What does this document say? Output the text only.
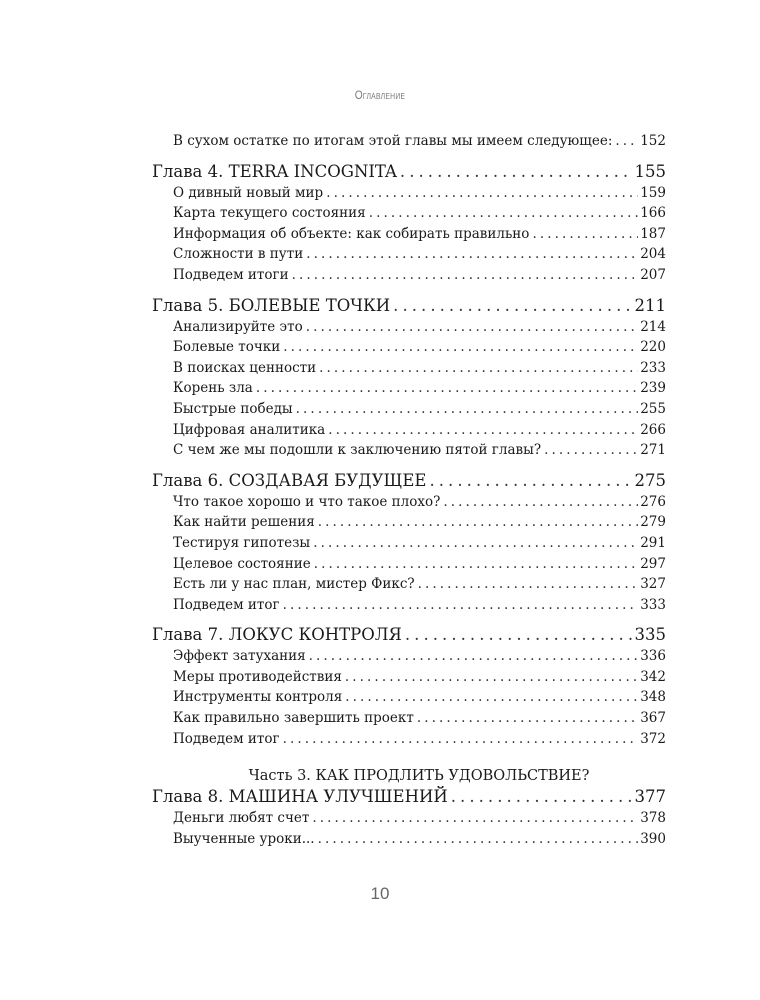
Оглавление
В сухом остатке по итогам этой главы мы имеем следующее: . . . 152
Глава 4. TERRA INCOGNITA . . .	155
О дивный новый мир . . .	159
Карта текущего состояния . . .	166
Информация об объекте: как собирать правильно . . .	187
Сложности в пути . . .	204
Подведем итоги . . .	207
Глава 5. БОЛЕВЫЕ ТОЧКИ . . .	211
Анализируйте это . . .	214
Болевые точки . . .	220
В поисках ценности . . .	233
Корень зла . . .	239
Быстрые победы . . .	255
Цифровая аналитика . . .	266
С чем же мы подошли к заключению пятой главы? . . .	271
Глава 6. СОЗДАВАЯ БУДУЩЕЕ . . .	275
Что такое хорошо и что такое плохо? . . .	276
Как найти решения . . .	279
Тестируя гипотезы . . .	291
Целевое состояние . . .	297
Есть ли у нас план, мистер Фикс? . . .	327
Подведем итог . . .	333
Глава 7. ЛОКУС КОНТРОЛЯ . . .	335
Эффект затухания . . .	336
Меры противодействия . . .	342
Инструменты контроля . . .	348
Как правильно завершить проект . . .	367
Подведем итог . . .	372
Часть 3. КАК ПРОДЛИТЬ УДОВОЛЬСТВИЕ?
Глава 8. МАШИНА УЛУЧШЕНИЙ . . .	377
Деньги любят счет . . .	378
Выученные уроки... . . .	390
10
